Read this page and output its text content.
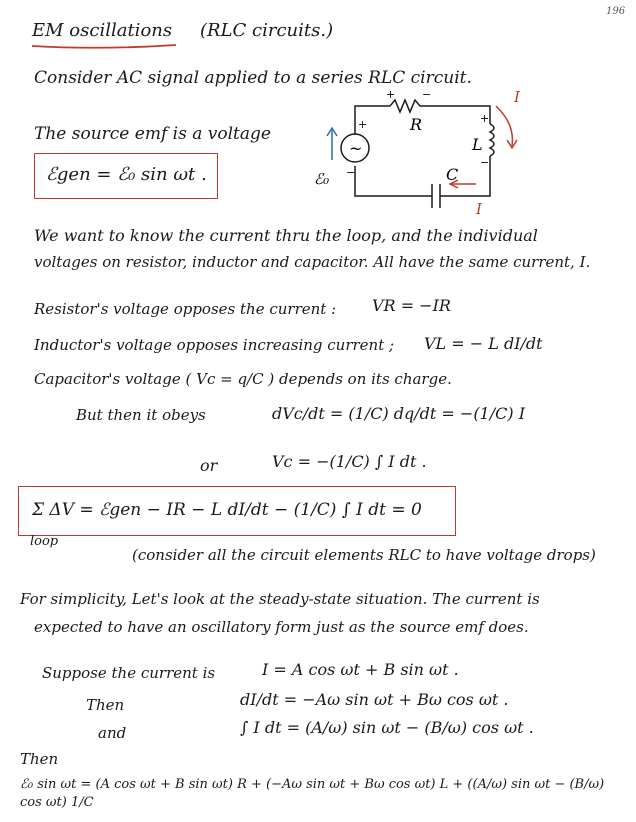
196
EM oscillations (RLC circuits.)
Consider AC signal applied to a series RLC circuit.
The source emf is a voltage
ℰgen = ℰ₀ sin ωt .
~
ℰ₀
R
L
C
+ −
+
−
+
−
I
I
We want to know the current thru the loop, and the individual
voltages on resistor, inductor and capacitor. All have the same current, I.
Resistor's voltage opposes the current : VR = −IR
Inductor's voltage opposes increasing current ; VL = − L dI/dt
Capacitor's voltage ( Vc = q/C ) depends on its charge.
But then it obeys	dVc/dt = (1/C) dq/dt = −(1/C) I
or	Vc = −(1/C) ∫ I dt .
Σ ΔV = ℰgen − IR − L dI/dt − (1/C) ∫ I dt = 0
loop
(consider all the circuit elements RLC to have voltage drops)
For simplicity, Let's look at the steady-state situation. The current is
expected to have an oscillatory form just as the source emf does.
Suppose the current is	I = A cos ωt + B sin ωt .
Then	dI/dt = −Aω sin ωt + Bω cos ωt .
and	∫ I dt = (A/ω) sin ωt − (B/ω) cos ωt .
Then
ℰ₀ sin ωt = (A cos ωt + B sin ωt) R + (−Aω sin ωt + Bω cos ωt) L + ((A/ω) sin ωt − (B/ω) cos ωt) 1/C
